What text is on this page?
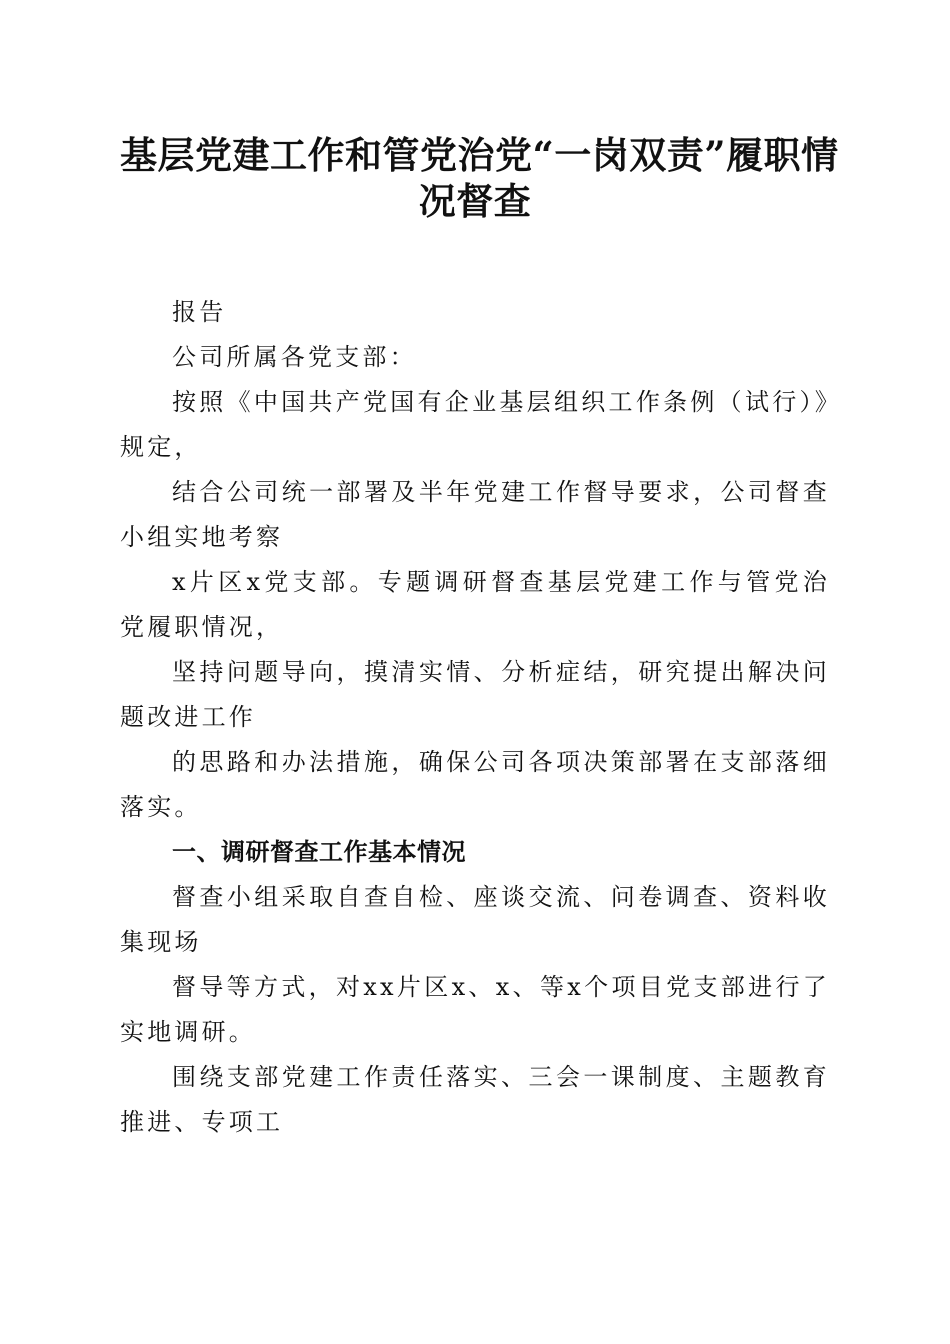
基层党建工作和管党治党“一岗双责”履职情
况督查

报告

公司所属各党支部：

按照《中国共产党国有企业基层组织工作条例（试行）》规定，

结合公司统一部署及半年党建工作督导要求，公司督查小组实地考察

x片区x党支部。专题调研督查基层党建工作与管党治党履职情况，

坚持问题导向，摸清实情、分析症结，研究提出解决问题改进工作

的思路和办法措施，确保公司各项决策部署在支部落细落实。

一、调研督查工作基本情况

督查小组采取自查自检、座谈交流、问卷调查、资料收集现场

督导等方式，对xx片区x、x、等x个项目党支部进行了实地调研。

围绕支部党建工作责任落实、三会一课制度、主题教育推进、专项工
